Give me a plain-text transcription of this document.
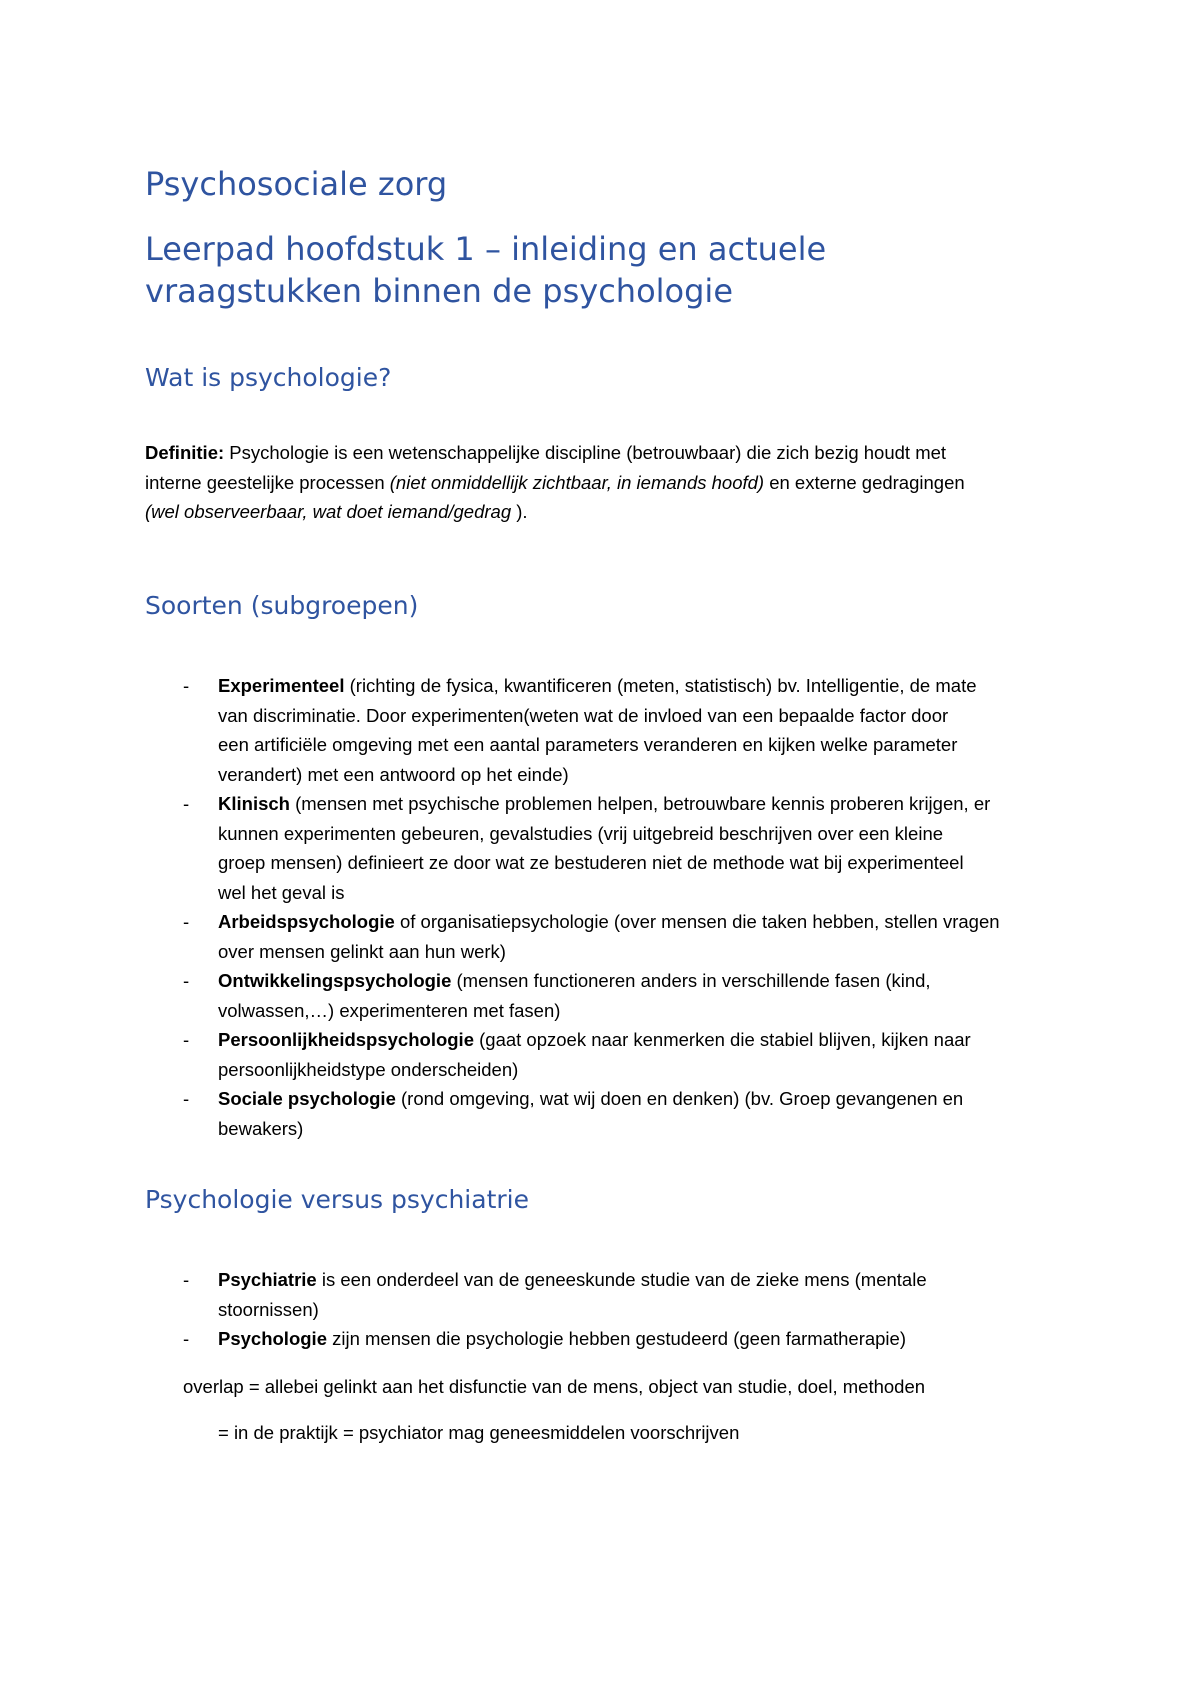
Psychosociale zorg
Leerpad hoofdstuk 1 – inleiding en actuele
vraagstukken binnen de psychologie
Wat is psychologie?

Definitie: Psychologie is een wetenschappelijke discipline (betrouwbaar) die zich bezig houdt met
interne geestelijke processen (niet onmiddellijk zichtbaar, in iemands hoofd) en externe gedragingen
(wel observeerbaar, wat doet iemand/gedrag ).

Soorten (subgroepen)
- Experimenteel (richting de fysica, kwantificeren (meten, statistisch) bv. Intelligentie, de mate
van discriminatie. Door experimenten(weten wat de invloed van een bepaalde factor door
een artificiële omgeving met een aantal parameters veranderen en kijken welke parameter
verandert) met een antwoord op het einde)
- Klinisch (mensen met psychische problemen helpen, betrouwbare kennis proberen krijgen, er
kunnen experimenten gebeuren, gevalstudies (vrij uitgebreid beschrijven over een kleine
groep mensen) definieert ze door wat ze bestuderen niet de methode wat bij experimenteel
wel het geval is
- Arbeidspsychologie of organisatiepsychologie (over mensen die taken hebben, stellen vragen
over mensen gelinkt aan hun werk)
- Ontwikkelingspsychologie (mensen functioneren anders in verschillende fasen (kind,
volwassen,…) experimenteren met fasen)
- Persoonlijkheidspsychologie (gaat opzoek naar kenmerken die stabiel blijven, kijken naar
persoonlijkheidstype onderscheiden)
- Sociale psychologie (rond omgeving, wat wij doen en denken) (bv. Groep gevangenen en
bewakers)
Psychologie versus psychiatrie
- Psychiatrie is een onderdeel van de geneeskunde studie van de zieke mens (mentale
stoornissen)
- Psychologie zijn mensen die psychologie hebben gestudeerd (geen farmatherapie)

overlap = allebei gelinkt aan het disfunctie van de mens, object van studie, doel, methoden

= in de praktijk = psychiator mag geneesmiddelen voorschrijven
